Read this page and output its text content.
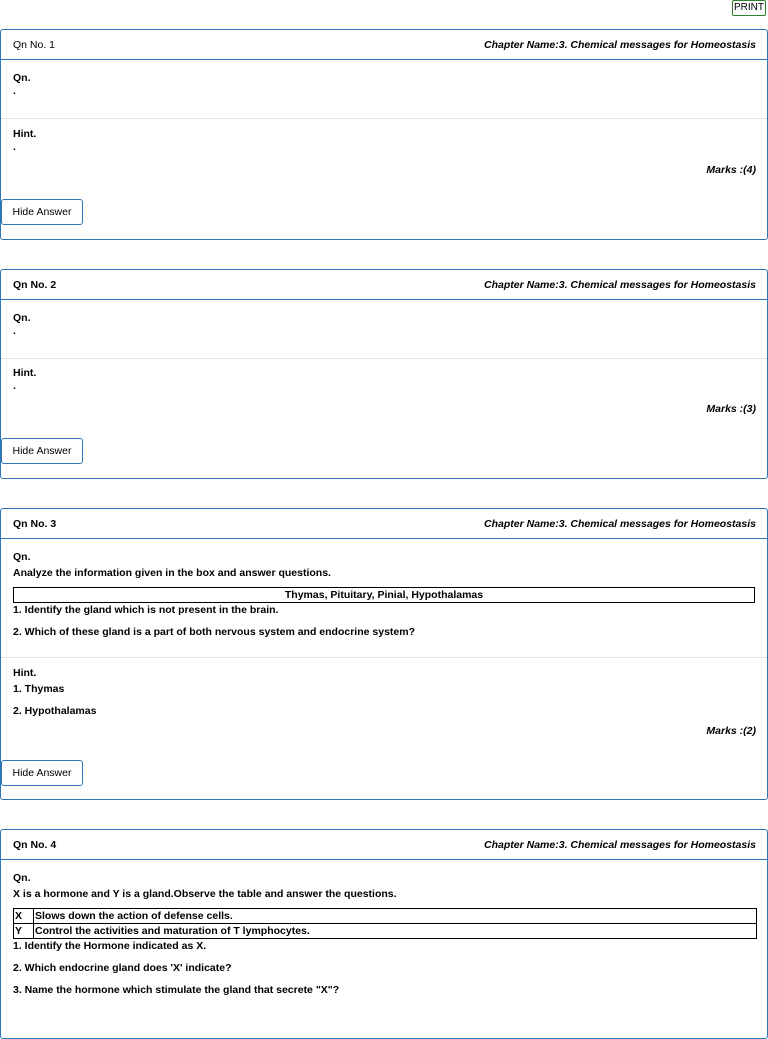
PRINT
Qn No. 1	Chapter Name:3. Chemical messages for Homeostasis
Qn.
.
Hint.
.
Marks :(4)
Hide Answer
Qn No. 2	Chapter Name:3. Chemical messages for Homeostasis
Qn.
.
Hint.
.
Marks :(3)
Hide Answer
Qn No. 3	Chapter Name:3. Chemical messages for Homeostasis
Qn.
Analyze the information given in the box and answer questions.
Thymas, Pituitary, Pinial, Hypothalamas
1. Identify the gland which is not present in the brain.
2. Which of these gland is a part of both nervous system and endocrine system?
Hint.
1. Thymas
2. Hypothalamas
Marks :(2)
Hide Answer
Qn No. 4	Chapter Name:3. Chemical messages for Homeostasis
Qn.
X is a hormone and Y is a gland.Observe the table and answer the questions.
X	Slows down the action of defense cells.
Y	Control the activities and maturation of T lymphocytes.
1. Identify the Hormone indicated as X.
2. Which endocrine gland does 'X' indicate?
3. Name the hormone which stimulate the gland that secrete "X"?
